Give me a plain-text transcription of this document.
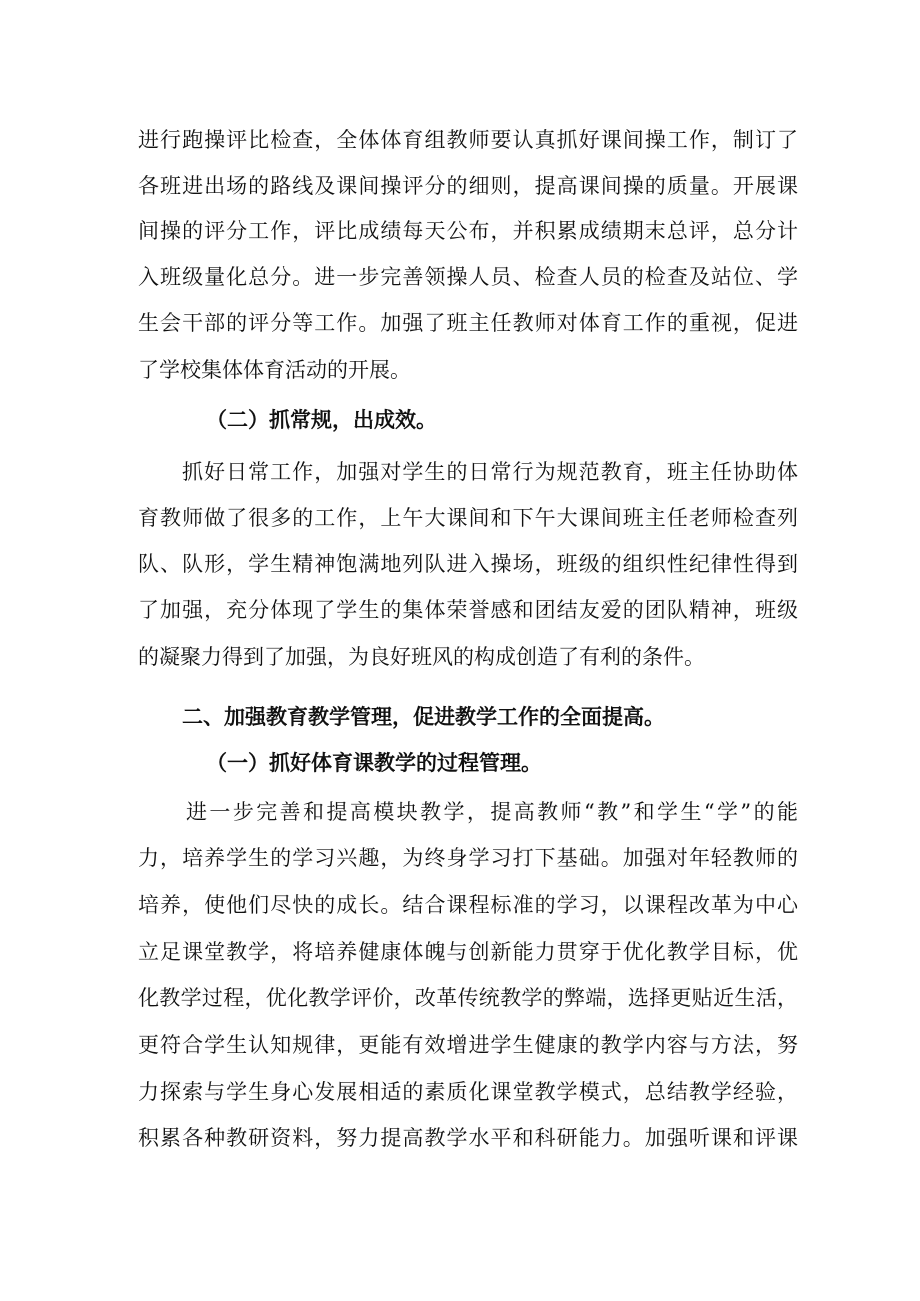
进行跑操评比检查，全体体育组教师要认真抓好课间操工作，制订了
各班进出场的路线及课间操评分的细则，提高课间操的质量。开展课
间操的评分工作，评比成绩每天公布，并积累成绩期末总评，总分计
入班级量化总分。进一步完善领操人员、检查人员的检查及站位、学
生会干部的评分等工作。加强了班主任教师对体育工作的重视，促进
了学校集体体育活动的开展。
（二）抓常规，出成效。
抓好日常工作，加强对学生的日常行为规范教育，班主任协助体
育教师做了很多的工作，上午大课间和下午大课间班主任老师检查列
队、队形，学生精神饱满地列队进入操场，班级的组织性纪律性得到
了加强，充分体现了学生的集体荣誉感和团结友爱的团队精神，班级
的凝聚力得到了加强，为良好班风的构成创造了有利的条件。
二、加强教育教学管理，促进教学工作的全面提高。
（一）抓好体育课教学的过程管理。
进一步完善和提高模块教学，提高教师“教”和学生“学”的能
力，培养学生的学习兴趣，为终身学习打下基础。加强对年轻教师的
培养，使他们尽快的成长。结合课程标准的学习，以课程改革为中心
立足课堂教学，将培养健康体魄与创新能力贯穿于优化教学目标，优
化教学过程，优化教学评价，改革传统教学的弊端，选择更贴近生活，
更符合学生认知规律，更能有效增进学生健康的教学内容与方法，努
力探索与学生身心发展相适的素质化课堂教学模式，总结教学经验，
积累各种教研资料，努力提高教学水平和科研能力。加强听课和评课
